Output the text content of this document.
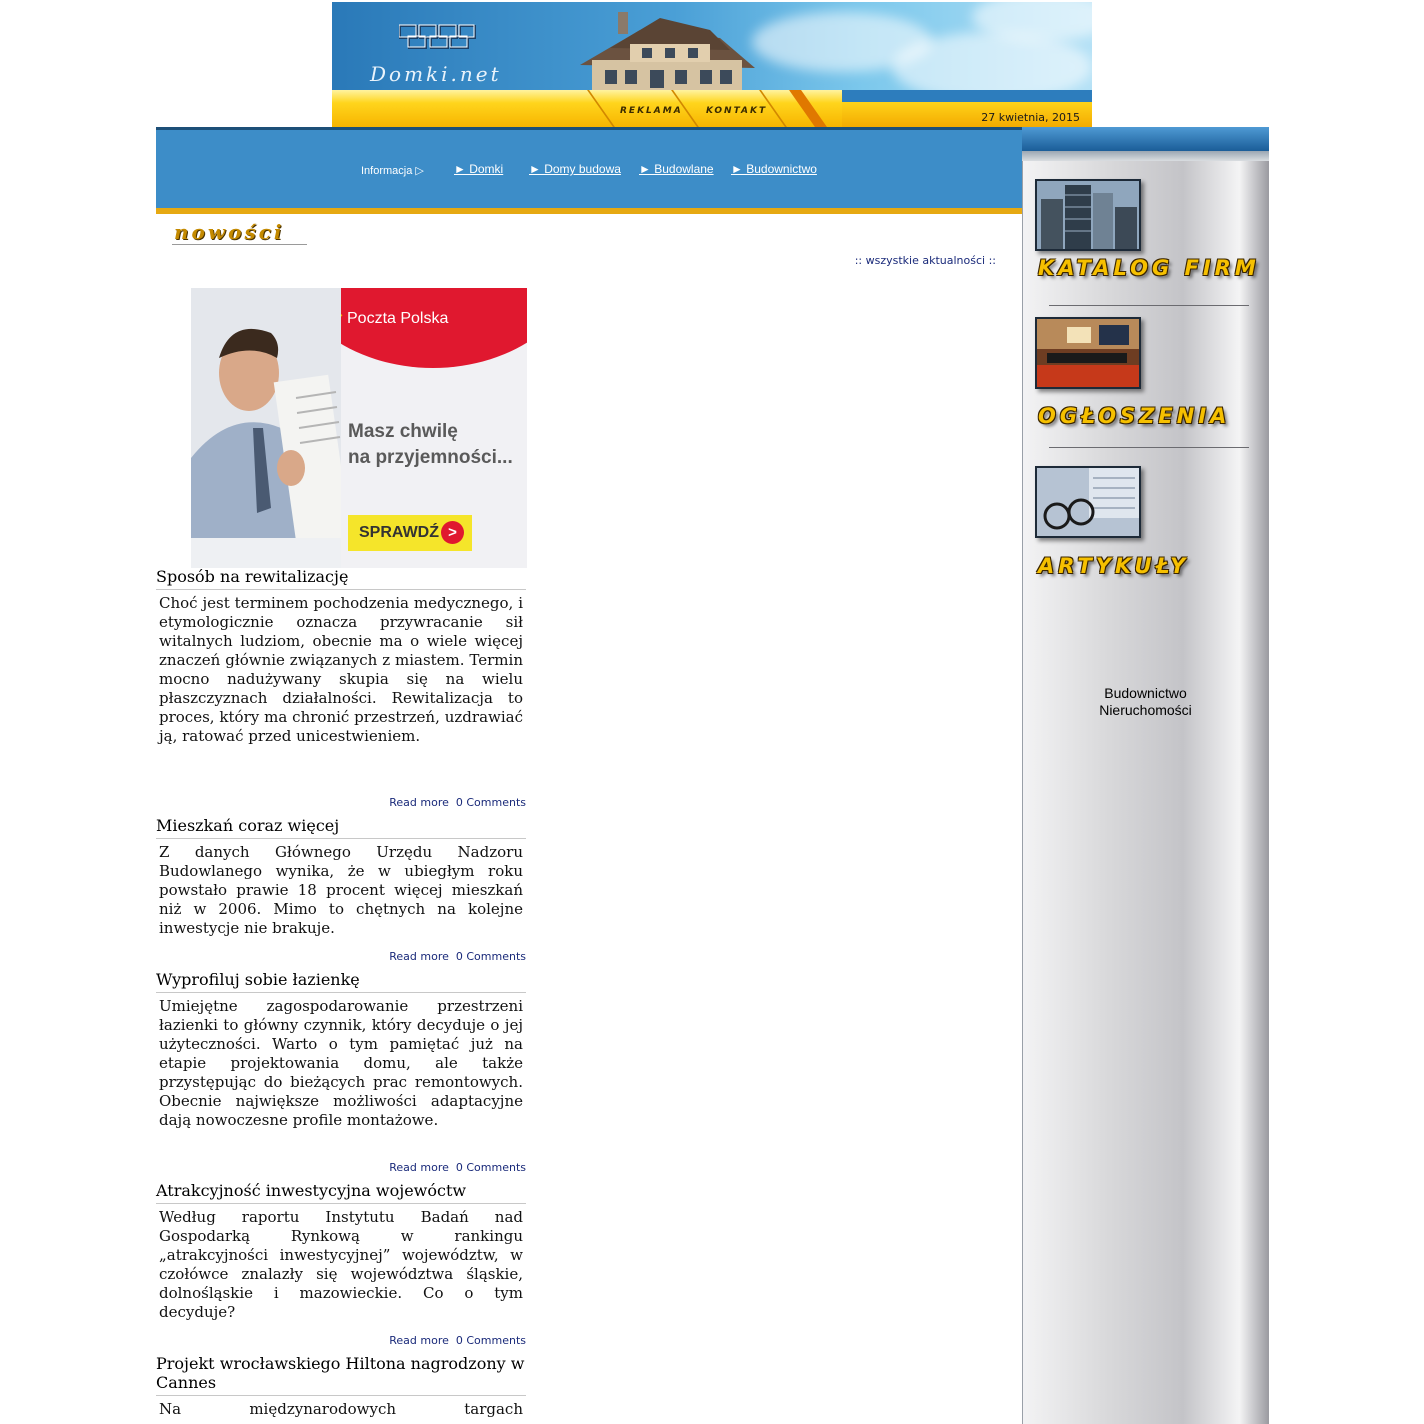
Domki.net
REKLAMA	KONTAKT	27 kwietnia, 2015
Informacja ▷	► Domki ► Domy budowa ► Budowlane ► Budownictwo
KATALOG FIRM
OGŁOSZENIA
ARTYKUŁY
Budownictwo
Nieruchomości
nowości
:: wszystkie aktualności ::
Poczta Polska
Masz chwilę
na przyjemności...
SPRAWDŹ >
Sposób na rewitalizację
Choć jest terminem pochodzenia medycznego, i etymologicznie oznacza przywracanie sił witalnych ludziom, obecnie ma o wiele więcej znaczeń głównie związanych z miastem. Termin mocno nadużywany skupia się na wielu płaszczyznach działalności. Rewitalizacja to proces, który ma chronić przestrzeń, uzdrawiać ją, ratować przed unicestwieniem.
Read more 0 Comments
Mieszkań coraz więcej
Z danych Głównego Urzędu Nadzoru Budowlanego wynika, że w ubiegłym roku powstało prawie 18 procent więcej mieszkań niż w 2006. Mimo to chętnych na kolejne inwestycje nie brakuje.
Read more 0 Comments
Wyprofiluj sobie łazienkę
Umiejętne zagospodarowanie przestrzeni łazienki to główny czynnik, który decyduje o jej użyteczności. Warto o tym pamiętać już na etapie projektowania domu, ale także przystępując do bieżących prac remontowych. Obecnie największe możliwości adaptacyjne dają nowoczesne profile montażowe.
Read more 0 Comments
Atrakcyjność inwestycyjna wojewóctw
Według raportu Instytutu Badań nad Gospodarką Rynkową w rankingu „atrakcyjności inwestycyjnej” województw, w czołówce znalazły się województwa śląskie, dolnośląskie i mazowieckie. Co o tym decyduje?
Read more 0 Comments
Projekt wrocławskiego Hiltona nagrodzony w Cannes
Na międzynarodowych targach
